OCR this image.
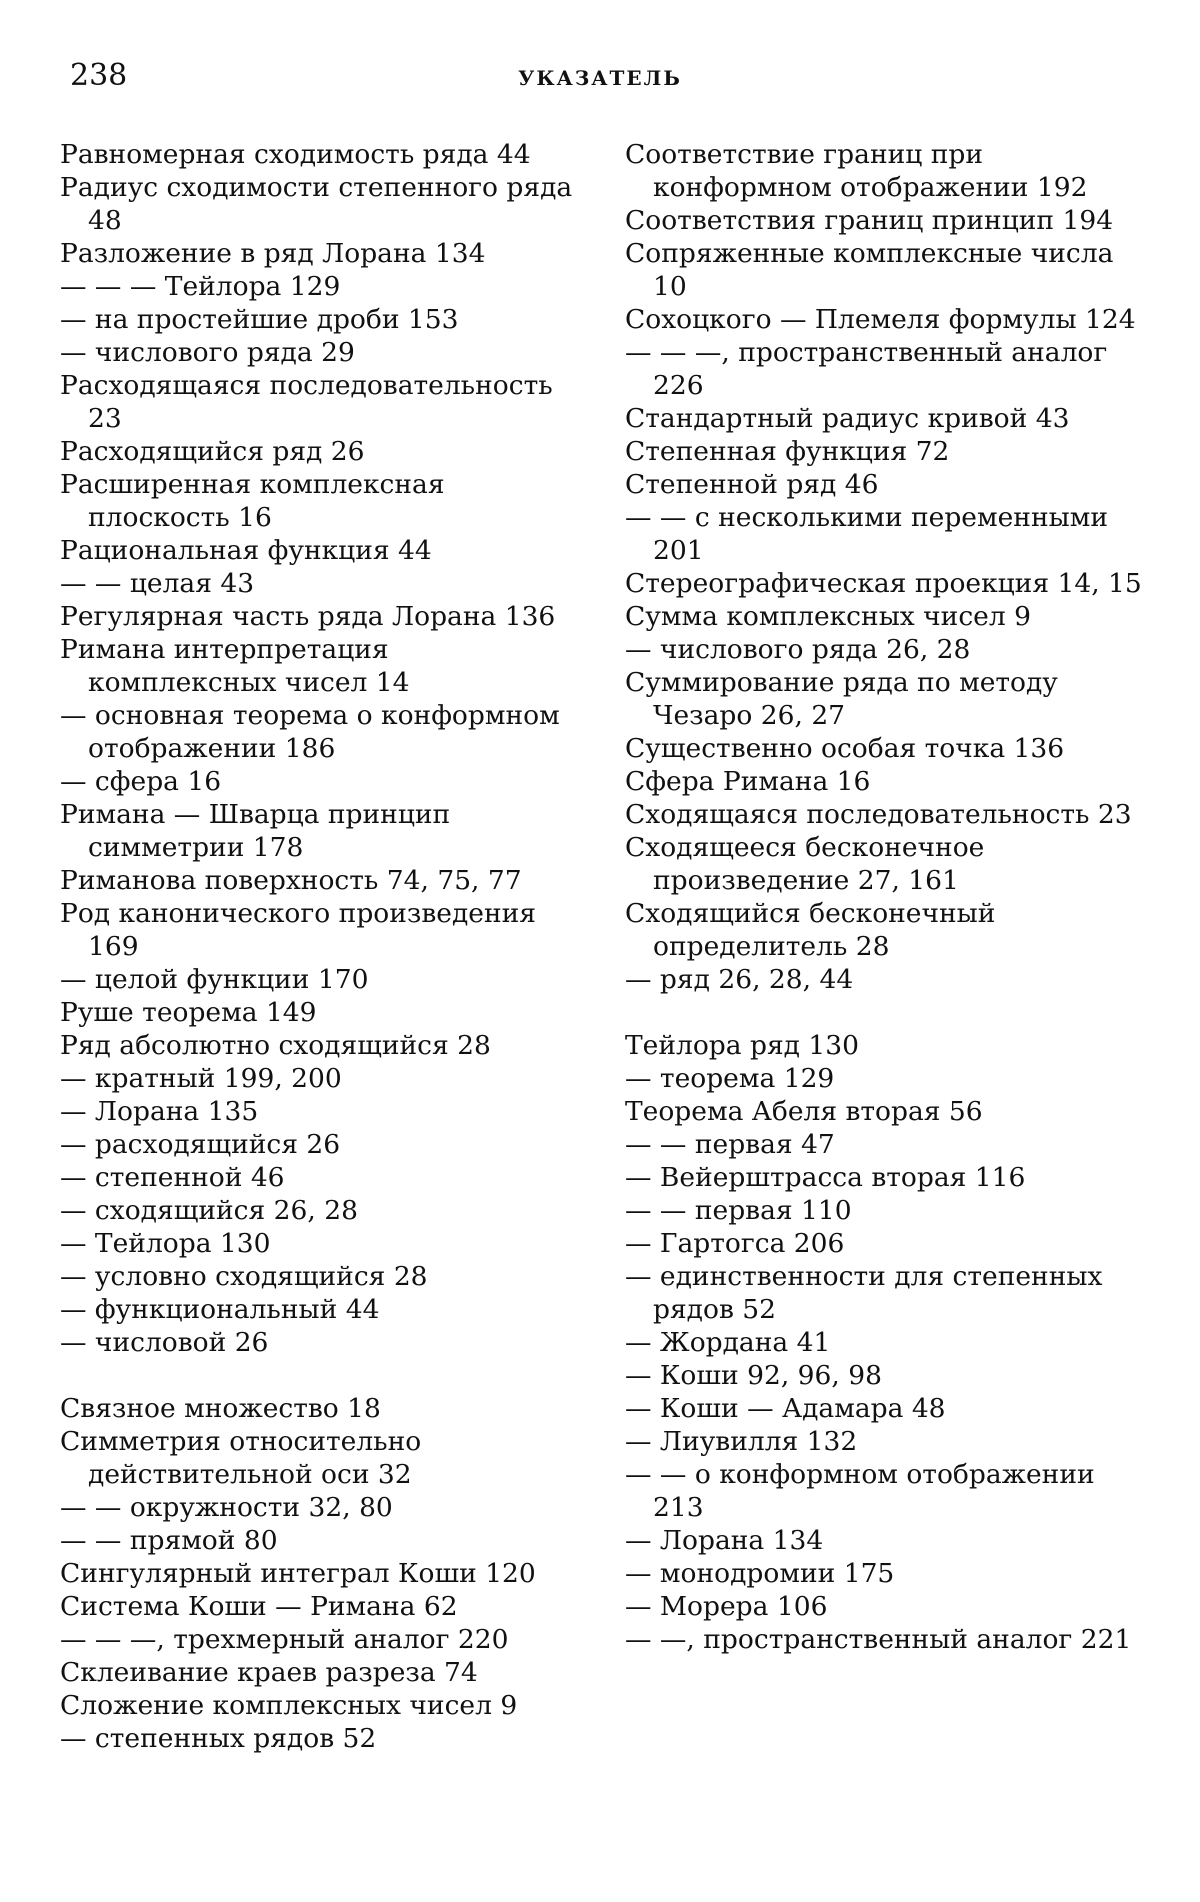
238	УКАЗАТЕЛЬ
Равномерная сходимость ряда 44
Радиус сходимости степенного ряда 48
Разложение в ряд Лорана 134
— — — Тейлора 129
— на простейшие дроби 153
— числового ряда 29
Расходящаяся последовательность 23
Расходящийся ряд 26
Расширенная комплексная плоскость 16
Рациональная функция 44
— — целая 43
Регулярная часть ряда Лорана 136
Римана интерпретация комплексных чисел 14
— основная теорема о конформном отображении 186
— сфера 16
Римана — Шварца принцип симметрии 178
Риманова поверхность 74, 75, 77
Род канонического произведения 169
— целой функции 170
Руше теорема 149
Ряд абсолютно сходящийся 28
— кратный 199, 200
— Лорана 135
— расходящийся 26
— степенной 46
— сходящийся 26, 28
— Тейлора 130
— условно сходящийся 28
— функциональный 44
— числовой 26
Связное множество 18
Симметрия относительно действительной оси 32
— — окружности 32, 80
— — прямой 80
Сингулярный интеграл Коши 120
Система Коши — Римана 62
— — —, трехмерный аналог 220
Склеивание краев разреза 74
Сложение комплексных чисел 9
— степенных рядов 52
Соответствие границ при конформном отображении 192
Соответствия границ принцип 194
Сопряженные комплексные числа 10
Сохоцкого — Племеля формулы 124
— — —, пространственный аналог 226
Стандартный радиус кривой 43
Степенная функция 72
Степенной ряд 46
— — с несколькими переменными 201
Стереографическая проекция 14, 15
Сумма комплексных чисел 9
— числового ряда 26, 28
Суммирование ряда по методу Чезаро 26, 27
Существенно особая точка 136
Сфера Римана 16
Сходящаяся последовательность 23
Сходящееся бесконечное произведение 27, 161
Сходящийся бесконечный определитель 28
— ряд 26, 28, 44
Тейлора ряд 130
— теорема 129
Теорема Абеля вторая 56
— — первая 47
— Вейерштрасса вторая 116
— — первая 110
— Гартогса 206
— единственности для степенных рядов 52
— Жордана 41
— Коши 92, 96, 98
— Коши — Адамара 48
— Лиувилля 132
— — о конформном отображении 213
— Лорана 134
— монодромии 175
— Морера 106
— —, пространственный аналог 221
